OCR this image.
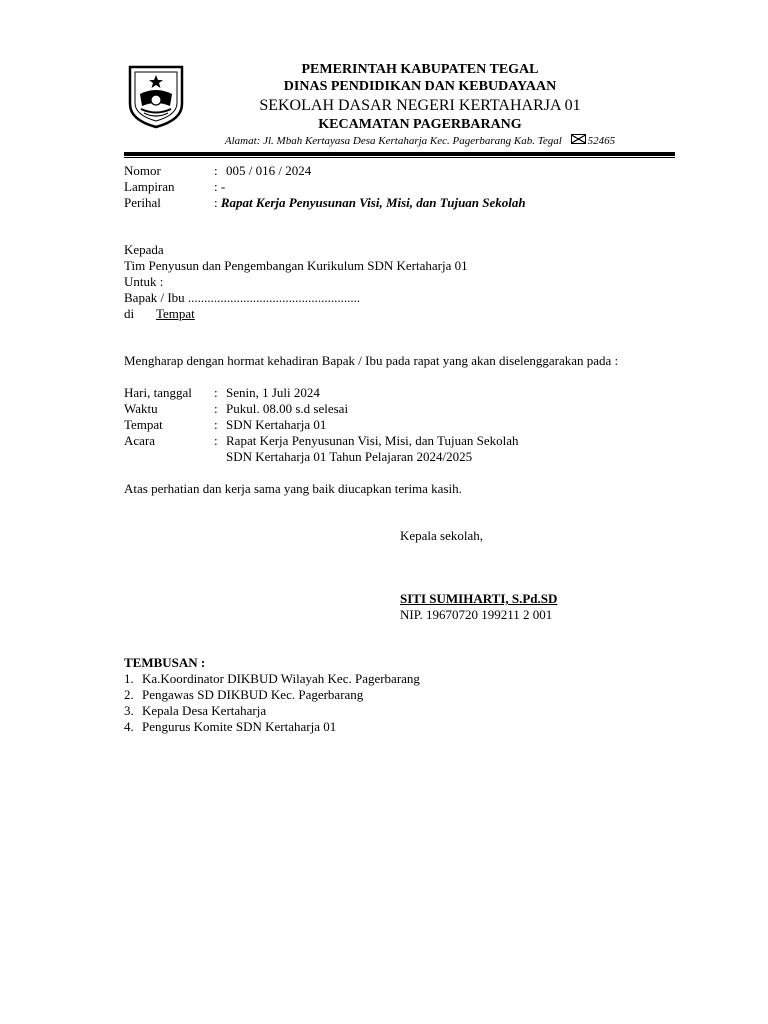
PEMERINTAH KABUPATEN TEGAL
DINAS PENDIDIKAN DAN KEBUDAYAAN
SEKOLAH DASAR NEGERI KERTAHARJA 01
KECAMATAN PAGERBARANG
Alamat: Jl. Mbah Kertayasa Desa Kertaharja Kec. Pagerbarang Kab. Tegal 52465
Nomor	: 005 / 016 / 2024
Lampiran	: -
Perihal	: Rapat Kerja Penyusunan Visi, Misi, dan Tujuan Sekolah
Kepada
Tim Penyusun dan Pengembangan Kurikulum SDN Kertaharja 01
Untuk :
Bapak / Ibu .....................................................
di Tempat
Mengharap dengan hormat kehadiran Bapak / Ibu pada rapat yang akan diselenggarakan pada :
Hari, tanggal : Senin, 1 Juli 2024
Waktu	: Pukul. 08.00 s.d selesai
Tempat	: SDN Kertaharja 01
Acara	: Rapat Kerja Penyusunan Visi, Misi, dan Tujuan Sekolah
SDN Kertaharja 01 Tahun Pelajaran 2024/2025
Atas perhatian dan kerja sama yang baik diucapkan terima kasih.
Kepala sekolah,
SITI SUMIHARTI, S.Pd.SD
NIP. 19670720 199211 2 001
TEMBUSAN :
1. Ka.Koordinator DIKBUD Wilayah Kec. Pagerbarang
2. Pengawas SD DIKBUD Kec. Pagerbarang
3. Kepala Desa Kertaharja
4. Pengurus Komite SDN Kertaharja 01
